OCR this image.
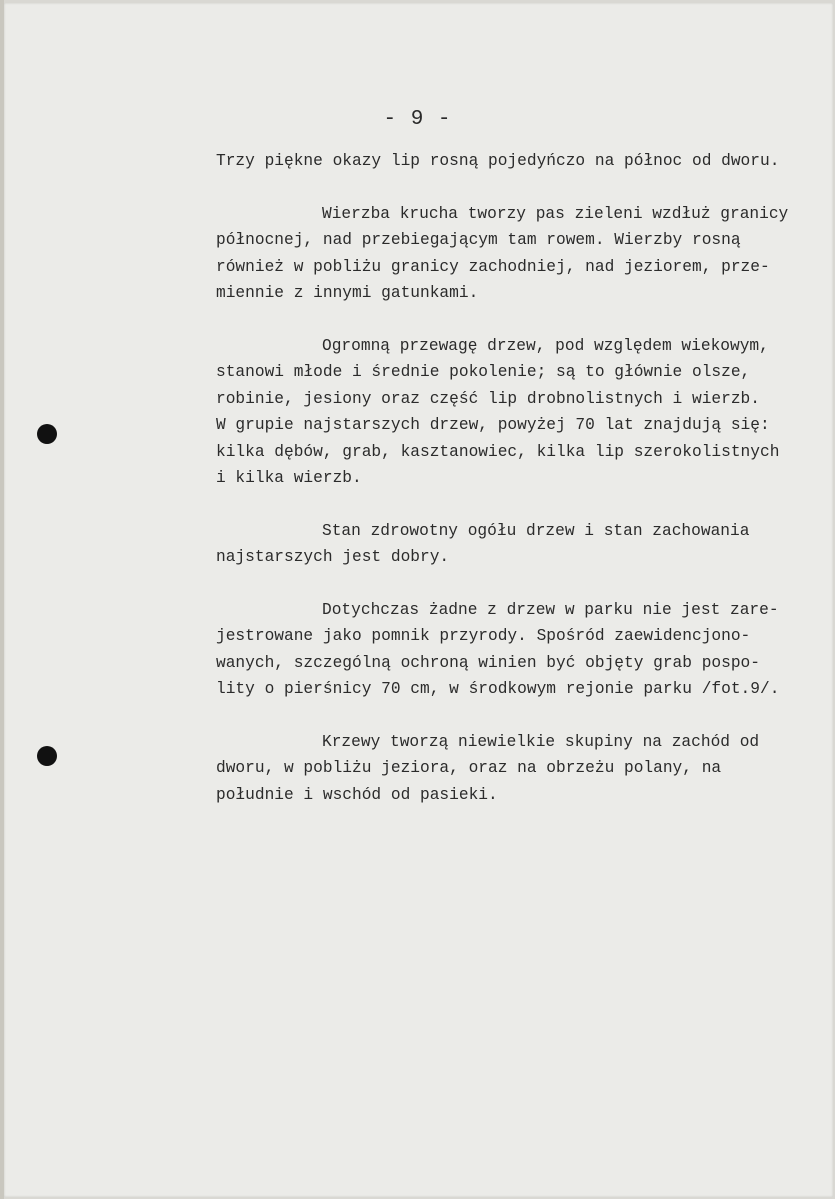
- 9 -

Trzy piękne okazy lip rosną pojedyńczo na północ od dworu.

Wierzba krucha tworzy pas zieleni wzdłuż granicy
północnej, nad przebiegającym tam rowem. Wierzby rosną
również w pobliżu granicy zachodniej, nad jeziorem, prze-
miennie z innymi gatunkami.

Ogromną przewagę drzew, pod względem wiekowym,
stanowi młode i średnie pokolenie; są to głównie olsze,
robinie, jesiony oraz część lip drobnolistnych i wierzb.
W grupie najstarszych drzew, powyżej 70 lat znajdują się:
kilka dębów, grab, kasztanowiec, kilka lip szerokolistnych
i kilka wierzb.

Stan zdrowotny ogółu drzew i stan zachowania
najstarszych jest dobry.

Dotychczas żadne z drzew w parku nie jest zare-
jestrowane jako pomnik przyrody. Spośród zaewidencjono-
wanych, szczególną ochroną winien być objęty grab pospo-
lity o pierśnicy 70 cm, w środkowym rejonie parku /fot.9/.

Krzewy tworzą niewielkie skupiny na zachód od
dworu, w pobliżu jeziora, oraz na obrzeżu polany, na
południe i wschód od pasieki.
